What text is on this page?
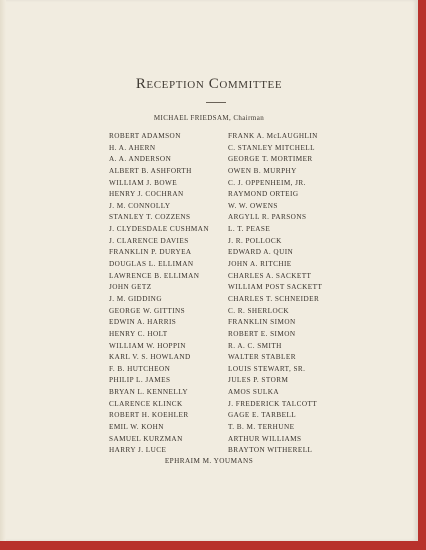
Reception Committee
MICHAEL FRIEDSAM, Chairman
ROBERT ADAMSON
H. A. AHERN
A. A. ANDERSON
ALBERT B. ASHFORTH
WILLIAM J. BOWE
HENRY J. COCHRAN
J. M. CONNOLLY
STANLEY T. COZZENS
J. CLYDESDALE CUSHMAN
J. CLARENCE DAVIES
FRANKLIN P. DURYEA
DOUGLAS L. ELLIMAN
LAWRENCE B. ELLIMAN
JOHN GETZ
J. M. GIDDING
GEORGE W. GITTINS
EDWIN A. HARRIS
HENRY C. HOLT
WILLIAM W. HOPPIN
KARL V. S. HOWLAND
F. B. HUTCHEON
PHILIP L. JAMES
BRYAN L. KENNELLY
CLARENCE KLINCK
ROBERT H. KOEHLER
EMIL W. KOHN
SAMUEL KURZMAN
HARRY J. LUCE
FRANK A. McLAUGHLIN
C. STANLEY MITCHELL
GEORGE T. MORTIMER
OWEN B. MURPHY
C. J. OPPENHEIM, JR.
RAYMOND ORTEIG
W. W. OWENS
ARGYLL R. PARSONS
L. T. PEASE
J. R. POLLOCK
EDWARD A. QUIN
JOHN A. RITCHIE
CHARLES A. SACKETT
WILLIAM POST SACKETT
CHARLES T. SCHNEIDER
C. R. SHERLOCK
FRANKLIN SIMON
ROBERT E. SIMON
R. A. C. SMITH
WALTER STABLER
LOUIS STEWART, SR.
JULES P. STORM
AMOS SULKA
J. FREDERICK TALCOTT
GAGE E. TARBELL
T. B. M. TERHUNE
ARTHUR WILLIAMS
BRAYTON WITHERELL
EPHRAIM M. YOUMANS
